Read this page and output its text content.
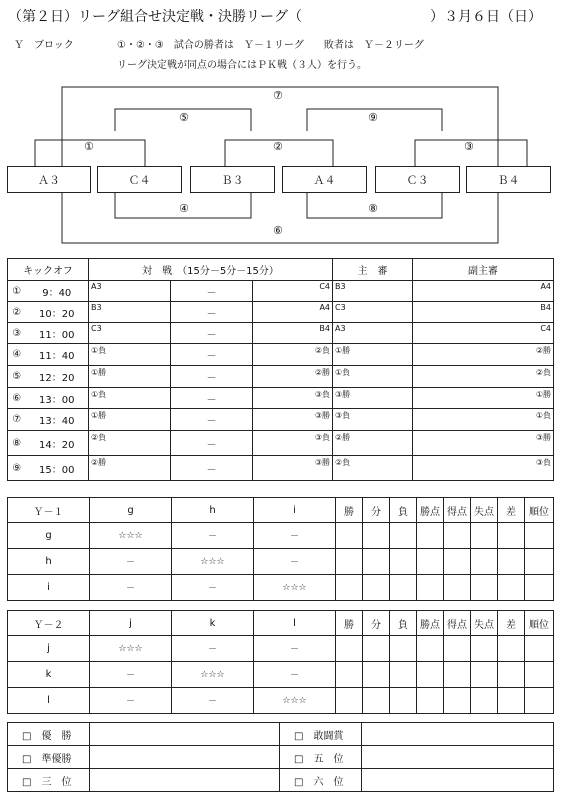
（第２日）リーグ組合せ決定戦・決勝リーグ（	）３月６日（日）
Ｙ　ブロック	①・②・③　試合の勝者は　Ｙ－１リーグ　　敗者は　Ｙ－２リーグ
リーグ決定戦が同点の場合にはＰＫ戦（３人）を行う。
⑦
⑤	⑨
①	②	③
④	⑧
⑥
Ａ３	Ｃ４	Ｂ３	Ａ４	Ｃ３	Ｂ４
キックオフ		対　戦　（15分－5分－15分）			主　審	副主審
①	9：40	A3	－	C4	B3	A4
②	10：20	B3	－	A4	C3	B4
③	11：00	C3	－	B4	A3	C4
④	11：40	①負	－	②負	①勝	②勝
⑤	12：20	①勝	－	②勝	①負	②負
⑥	13：00	①負	－	③負	③勝	①勝
⑦	13：40	①勝	－	③勝	③負	①負
⑧	14：20	②負	－	③負	②勝	③勝
⑨	15：00	②勝	－	③勝	②負	③負
Ｙ－１	g	h	i	勝	分	負	勝点	得点	失点	差	順位
g	☆☆☆	－	－								
h	－	☆☆☆	－								
i	－	－	☆☆☆								
Ｙ－２	j	k	l	勝	分	負	勝点	得点	失点	差	順位
j	☆☆☆	－	－								
k	－	☆☆☆	－								
l	－	－	☆☆☆								
□　優　勝		□　敢闘賞	
□　準優勝		□　五　位	
□　三　位		□　六　位	
